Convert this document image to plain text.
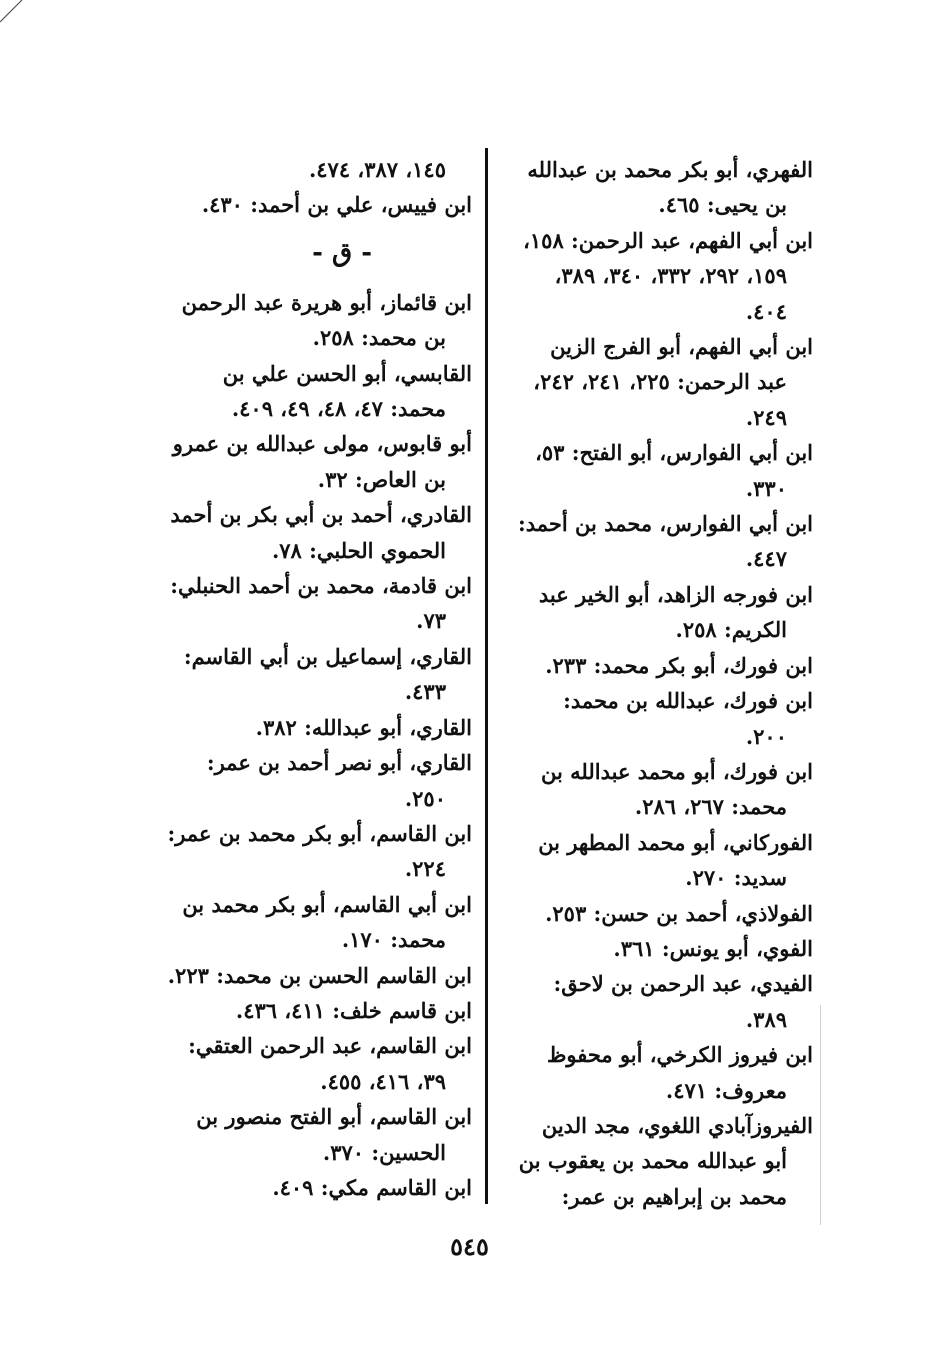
الفهري، أبو بكر محمد بن عبدالله بن يحيى: ٤٦٥.

ابن أبي الفهم، عبد الرحمن: ١٥٨، ١٥٩، ٢٩٢، ٣٣٢، ٣٤٠، ٣٨٩، ٤٠٤.

ابن أبي الفهم، أبو الفرج الزين عبد الرحمن: ٢٢٥، ٢٤١، ٢٤٢، ٢٤٩.

ابن أبي الفوارس، أبو الفتح: ٥٣، ٣٣٠.

ابن أبي الفوارس، محمد بن أحمد: ٤٤٧.

ابن فورجه الزاهد، أبو الخير عبد الكريم: ٢٥٨.

ابن فورك، أبو بكر محمد: ٢٣٣.

ابن فورك، عبدالله بن محمد: ٢٠٠.

ابن فورك، أبو محمد عبدالله بن محمد: ٢٦٧، ٢٨٦.

الفوركاني، أبو محمد المطهر بن سديد: ٢٧٠.

الفولاذي، أحمد بن حسن: ٢٥٣.

الفوي، أبو يونس: ٣٦١.

الفيدي، عبد الرحمن بن لاحق: ٣٨٩.

ابن فيروز الكرخي، أبو محفوظ معروف: ٤٧١.

الفيروزآبادي اللغوي، مجد الدين أبو عبدالله محمد بن يعقوب بن محمد بن إبراهيم بن عمر:

١٤٥، ٣٨٧، ٤٧٤.

ابن فييس، علي بن أحمد: ٤٣٠.

- ق -

ابن قائماز، أبو هريرة عبد الرحمن بن محمد: ٢٥٨.

القابسي، أبو الحسن علي بن محمد: ٤٧، ٤٨، ٤٩، ٤٠٩.

أبو قابوس، مولى عبدالله بن عمرو بن العاص: ٣٢.

القادري، أحمد بن أبي بكر بن أحمد الحموي الحلبي: ٧٨.

ابن قادمة، محمد بن أحمد الحنبلي: ٧٣.

القاري، إسماعيل بن أبي القاسم: ٤٣٣.

القاري، أبو عبدالله: ٣٨٢.

القاري، أبو نصر أحمد بن عمر: ٢٥٠.

ابن القاسم، أبو بكر محمد بن عمر: ٢٢٤.

ابن أبي القاسم، أبو بكر محمد بن محمد: ١٧٠.

ابن القاسم الحسن بن محمد: ٢٢٣.

ابن قاسم خلف: ٤١١، ٤٣٦.

ابن القاسم، عبد الرحمن العتقي: ٣٩، ٤١٦، ٤٥٥.

ابن القاسم، أبو الفتح منصور بن الحسين: ٣٧٠.

ابن القاسم مكي: ٤٠٩.

٥٤٥
